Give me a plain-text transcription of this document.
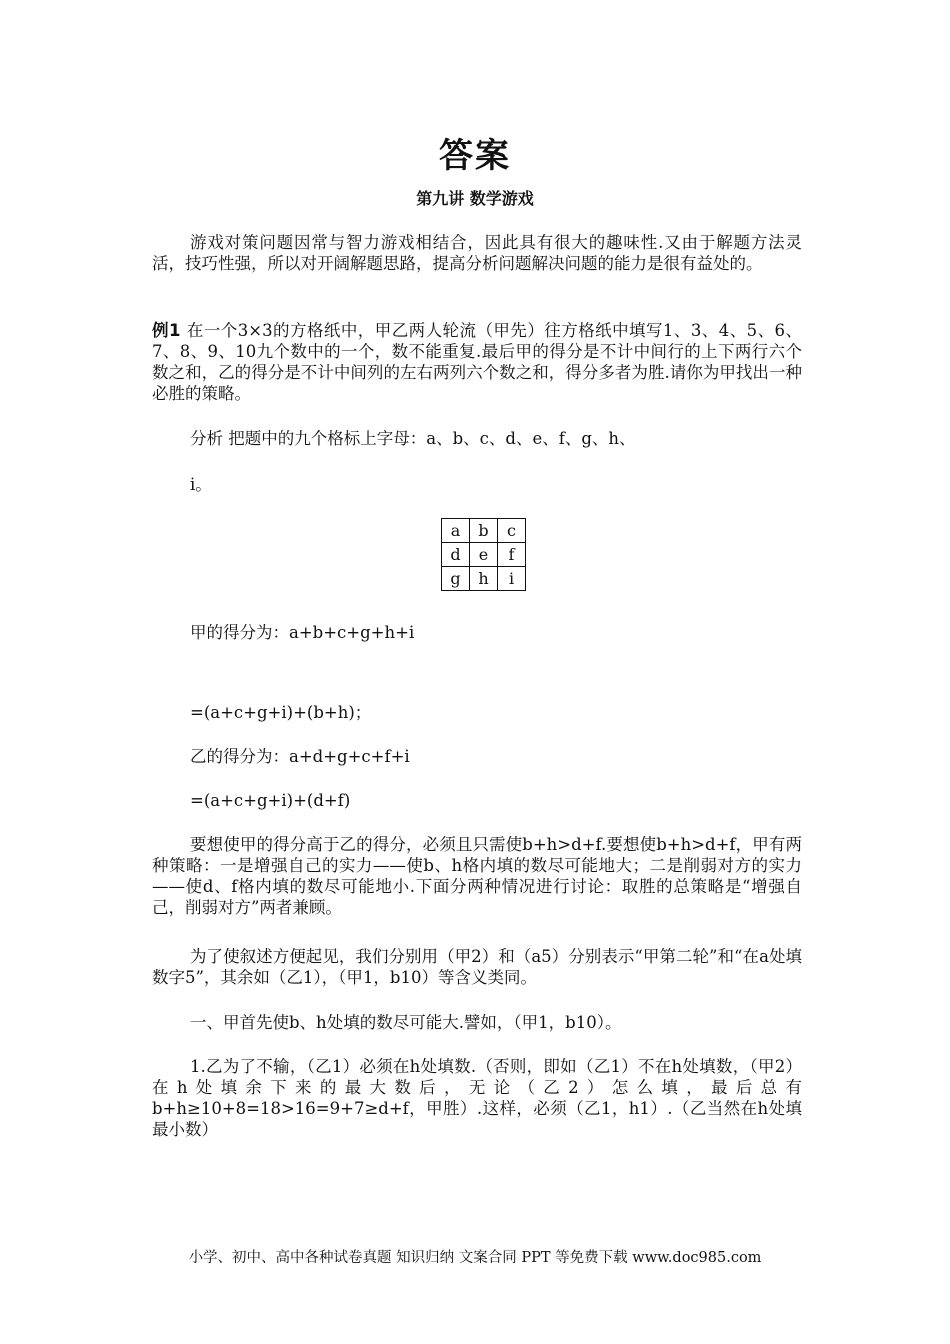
答案
第九讲 数学游戏
游戏对策问题因常与智力游戏相结合，因此具有很大的趣味性.又由于解题方法灵活，技巧性强，所以对开阔解题思路，提高分析问题解决问题的能力是很有益处的。
例1 在一个3×3的方格纸中，甲乙两人轮流（甲先）往方格纸中填写1、3、4、5、6、7、8、9、10九个数中的一个，数不能重复.最后甲的得分是不计中间行的上下两行六个数之和，乙的得分是不计中间列的左右两列六个数之和，得分多者为胜.请你为甲找出一种必胜的策略。
分析 把题中的九个格标上字母：a、b、c、d、e、f、g、h、
i。
a	b	c
d	e	f
g	h	i
甲的得分为：a+b+c+g+h+i
=(a+c+g+i)+(b+h)；
乙的得分为：a+d+g+c+f+i
=(a+c+g+i)+(d+f)
要想使甲的得分高于乙的得分，必须且只需使b+h>d+f.要想使b+h>d+f，甲有两种策略：一是增强自己的实力——使b、h格内填的数尽可能地大；二是削弱对方的实力——使d、f格内填的数尽可能地小.下面分两种情况进行讨论：取胜的总策略是“增强自己，削弱对方”两者兼顾。
为了使叙述方便起见，我们分别用（甲2）和（a5）分别表示“甲第二轮”和“在a处填数字5”，其余如（乙1），（甲1，b10）等含义类同。
一、甲首先使b、h处填的数尽可能大.譬如，（甲1，b10）。
1.乙为了不输，（乙1）必须在h处填数.（否则，即如（乙1）不在h处填数，（甲2）在h处填余下来的最大数后，无论（乙2）怎么填，最后总有b+h≥10+8=18>16=9+7≥d+f，甲胜）.这样，必须（乙1，h1）.（乙当然在h处填最小数）
小学、初中、高中各种试卷真题 知识归纳 文案合同 PPT 等免费下载 www.doc985.com
